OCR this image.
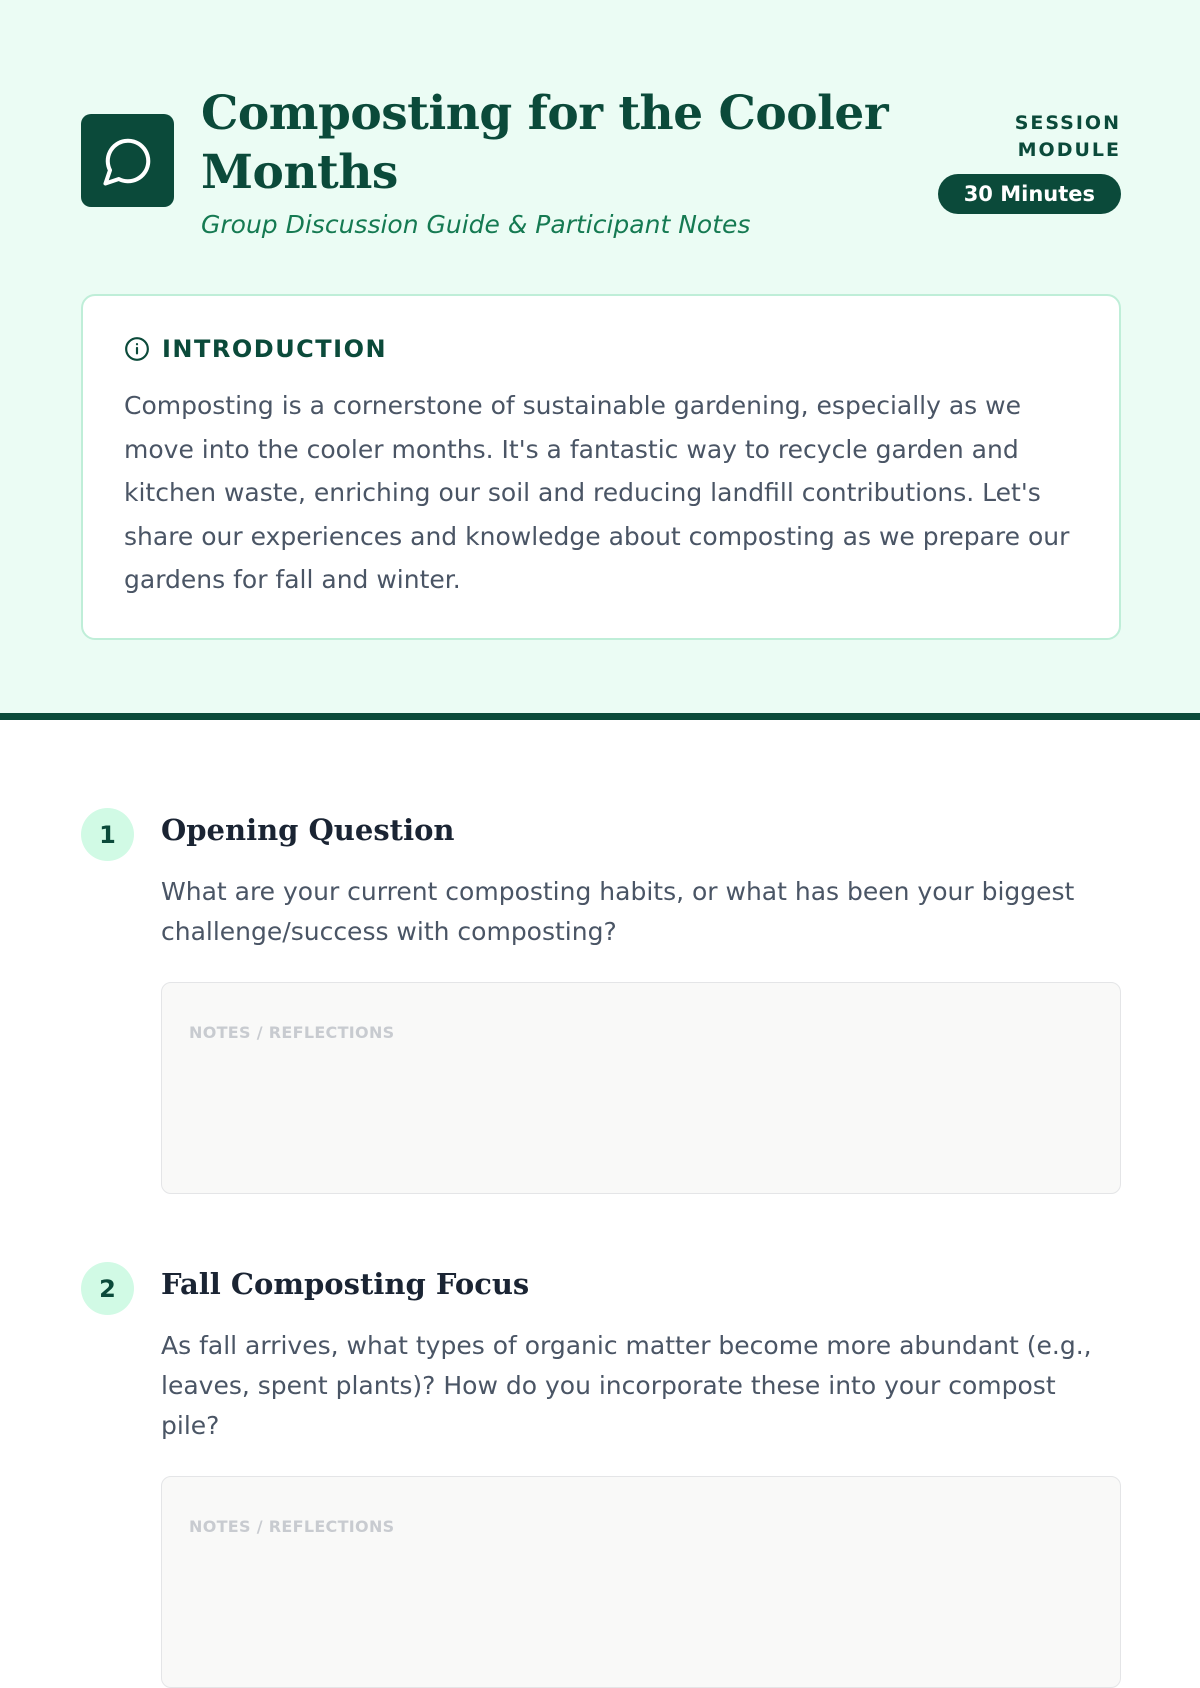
Composting for the Cooler Months
Group Discussion Guide & Participant Notes
SESSION MODULE
30 Minutes
INTRODUCTION

Composting is a cornerstone of sustainable gardening, especially as we move into the cooler months. It's a fantastic way to recycle garden and kitchen waste, enriching our soil and reducing landfill contributions. Let's share our experiences and knowledge about composting as we prepare our gardens for fall and winter.

1	Opening Question

What are your current composting habits, or what has been your biggest challenge/success with composting?

NOTES / REFLECTIONS
2	Fall Composting Focus

As fall arrives, what types of organic matter become more abundant (e.g., leaves, spent plants)? How do you incorporate these into your compost pile?

NOTES / REFLECTIONS
